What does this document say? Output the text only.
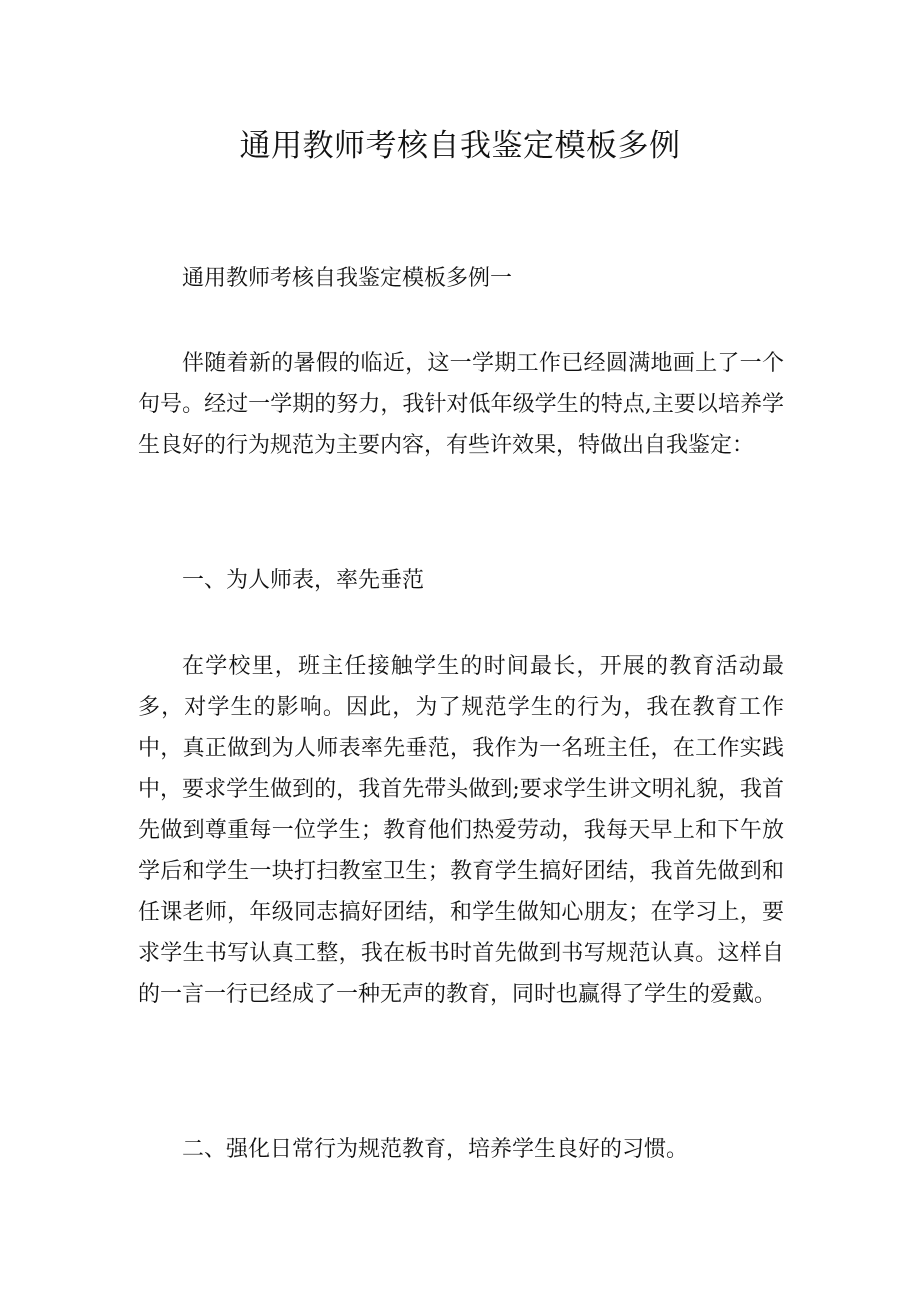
通用教师考核自我鉴定模板多例

通用教师考核自我鉴定模板多例一

伴随着新的暑假的临近，这一学期工作已经圆满地画上了一个句号。经过一学期的努力，我针对低年级学生的特点,主要以培养学生良好的行为规范为主要内容，有些许效果，特做出自我鉴定：

一、为人师表，率先垂范

在学校里，班主任接触学生的时间最长，开展的教育活动最多，对学生的影响。因此，为了规范学生的行为，我在教育工作中，真正做到为人师表率先垂范，我作为一名班主任，在工作实践中，要求学生做到的，我首先带头做到;要求学生讲文明礼貌，我首先做到尊重每一位学生；教育他们热爱劳动，我每天早上和下午放学后和学生一块打扫教室卫生；教育学生搞好团结，我首先做到和任课老师，年级同志搞好团结，和学生做知心朋友；在学习上，要求学生书写认真工整，我在板书时首先做到书写规范认真。这样自的一言一行已经成了一种无声的教育，同时也赢得了学生的爱戴。

二、强化日常行为规范教育，培养学生良好的习惯。
